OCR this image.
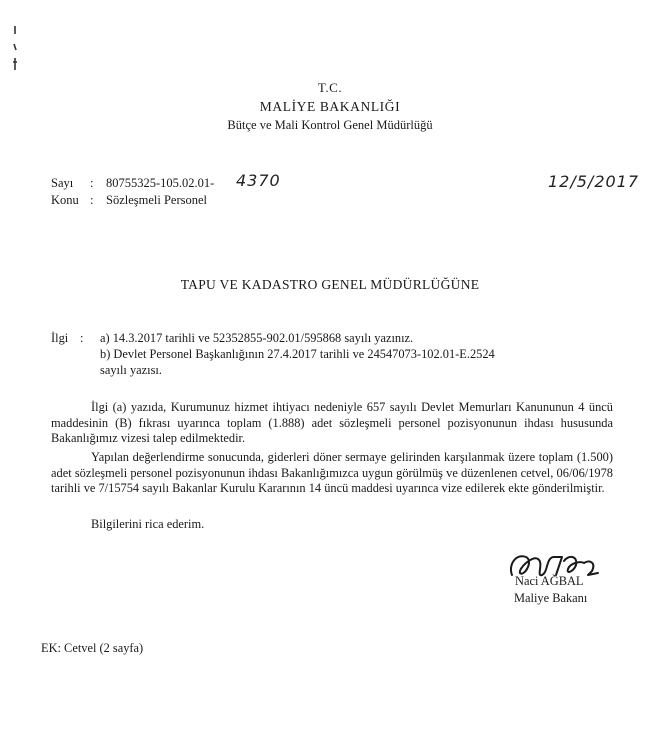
T.C.
MALİYE BAKANLIĞI
Bütçe ve Mali Kontrol Genel Müdürlüğü
Sayı : 80755325-105.02.01- 4370	12/5/2017
Konu : Sözleşmeli Personel
TAPU VE KADASTRO GENEL MÜDÜRLÜĞÜNE
İlgi : a) 14.3.2017 tarihli ve 52352855-902.01/595868 sayılı yazınız.
b) Devlet Personel Başkanlığının 27.4.2017 tarihli ve 24547073-102.01-E.2524
sayılı yazısı.
İlgi (a) yazıda, Kurumunuz hizmet ihtiyacı nedeniyle 657 sayılı Devlet Memurları Kanununun 4 üncü maddesinin (B) fıkrası uyarınca toplam (1.888) adet sözleşmeli personel pozisyonunun ihdası hususunda Bakanlığımız vizesi talep edilmektedir.
Yapılan değerlendirme sonucunda, giderleri döner sermaye gelirinden karşılanmak üzere toplam (1.500) adet sözleşmeli personel pozisyonunun ihdası Bakanlığımızca uygun görülmüş ve düzenlenen cetvel, 06/06/1978 tarihli ve 7/15754 sayılı Bakanlar Kurulu Kararının 14 üncü maddesi uyarınca vize edilerek ekte gönderilmiştir.
Bilgilerini rica ederim.
Naci AĞBAL
Maliye Bakanı
EK: Cetvel (2 sayfa)
